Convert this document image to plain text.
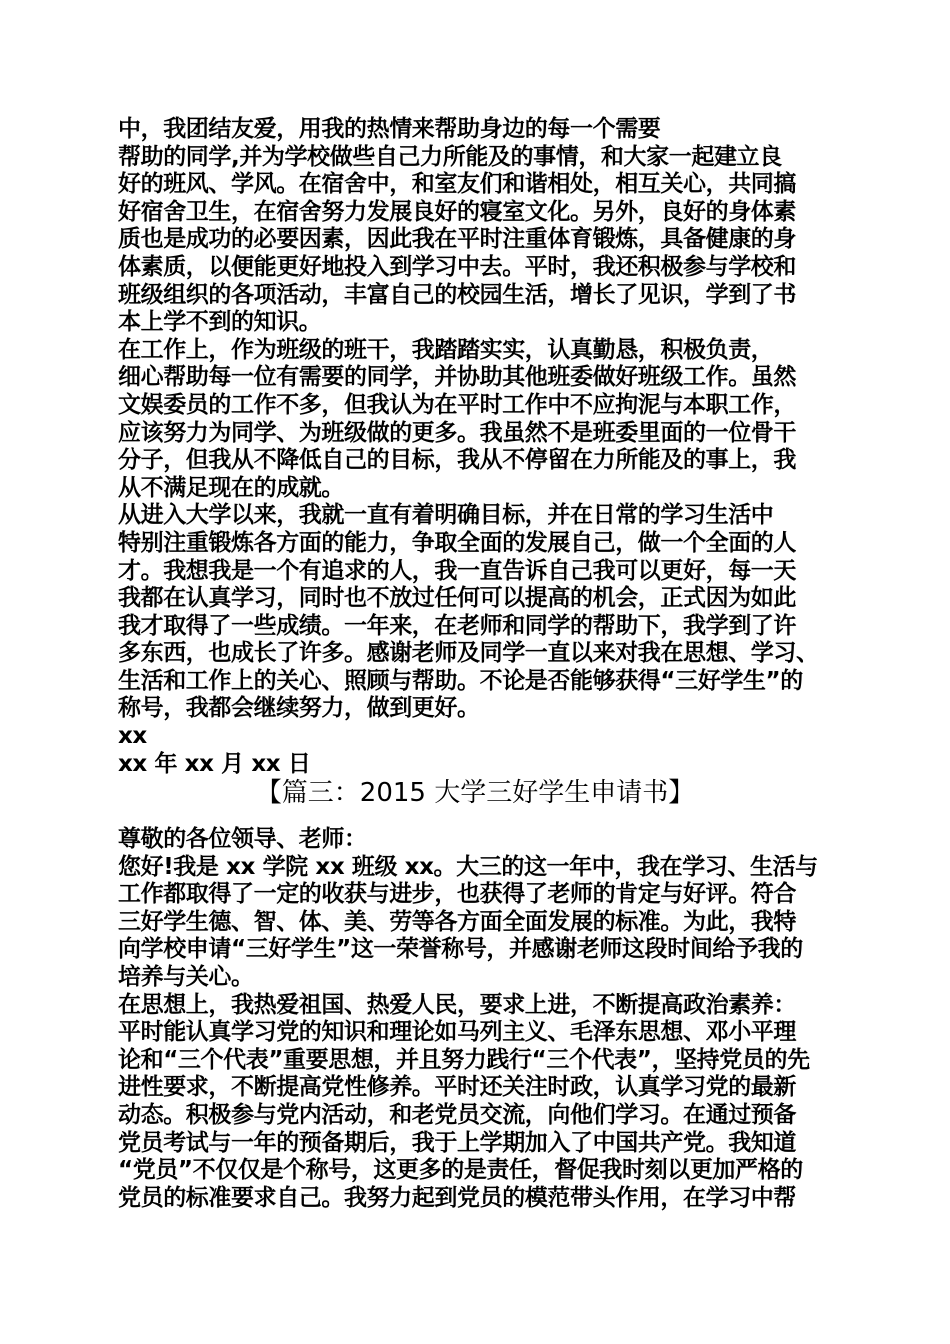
中，我团结友爱，用我的热情来帮助身边的每一个需要
帮助的同学,并为学校做些自己力所能及的事情，和大家一起建立良
好的班风、学风。在宿舍中，和室友们和谐相处，相互关心，共同搞
好宿舍卫生，在宿舍努力发展良好的寝室文化。另外，良好的身体素
质也是成功的必要因素，因此我在平时注重体育锻炼，具备健康的身
体素质，以便能更好地投入到学习中去。平时，我还积极参与学校和
班级组织的各项活动，丰富自己的校园生活，增长了见识，学到了书
本上学不到的知识。
在工作上，作为班级的班干，我踏踏实实，认真勤恳，积极负责，
细心帮助每一位有需要的同学，并协助其他班委做好班级工作。虽然
文娱委员的工作不多，但我认为在平时工作中不应拘泥与本职工作，
应该努力为同学、为班级做的更多。我虽然不是班委里面的一位骨干
分子，但我从不降低自己的目标，我从不停留在力所能及的事上，我
从不满足现在的成就。
从进入大学以来，我就一直有着明确目标，并在日常的学习生活中
特别注重锻炼各方面的能力，争取全面的发展自己，做一个全面的人
才。我想我是一个有追求的人，我一直告诉自己我可以更好，每一天
我都在认真学习，同时也不放过任何可以提高的机会，正式因为如此
我才取得了一些成绩。一年来，在老师和同学的帮助下，我学到了许
多东西，也成长了许多。感谢老师及同学一直以来对我在思想、学习、
生活和工作上的关心、照顾与帮助。不论是否能够获得“三好学生”的
称号，我都会继续努力，做到更好。
xx
xx 年 xx 月 xx 日
【篇三：2015 大学三好学生申请书】
尊敬的各位领导、老师：
您好!我是 xx 学院 xx 班级 xx。大三的这一年中，我在学习、生活与
工作都取得了一定的收获与进步，也获得了老师的肯定与好评。符合
三好学生德、智、体、美、劳等各方面全面发展的标准。为此，我特
向学校申请“三好学生”这一荣誉称号，并感谢老师这段时间给予我的
培养与关心。
在思想上，我热爱祖国、热爱人民，要求上进，不断提高政治素养：
平时能认真学习党的知识和理论如马列主义、毛泽东思想、邓小平理
论和“三个代表”重要思想，并且努力践行“三个代表”，坚持党员的先
进性要求，不断提高党性修养。平时还关注时政，认真学习党的最新
动态。积极参与党内活动，和老党员交流，向他们学习。在通过预备
党员考试与一年的预备期后，我于上学期加入了中国共产党。我知道
“党员”不仅仅是个称号，这更多的是责任，督促我时刻以更加严格的
党员的标准要求自己。我努力起到党员的模范带头作用，在学习中帮
